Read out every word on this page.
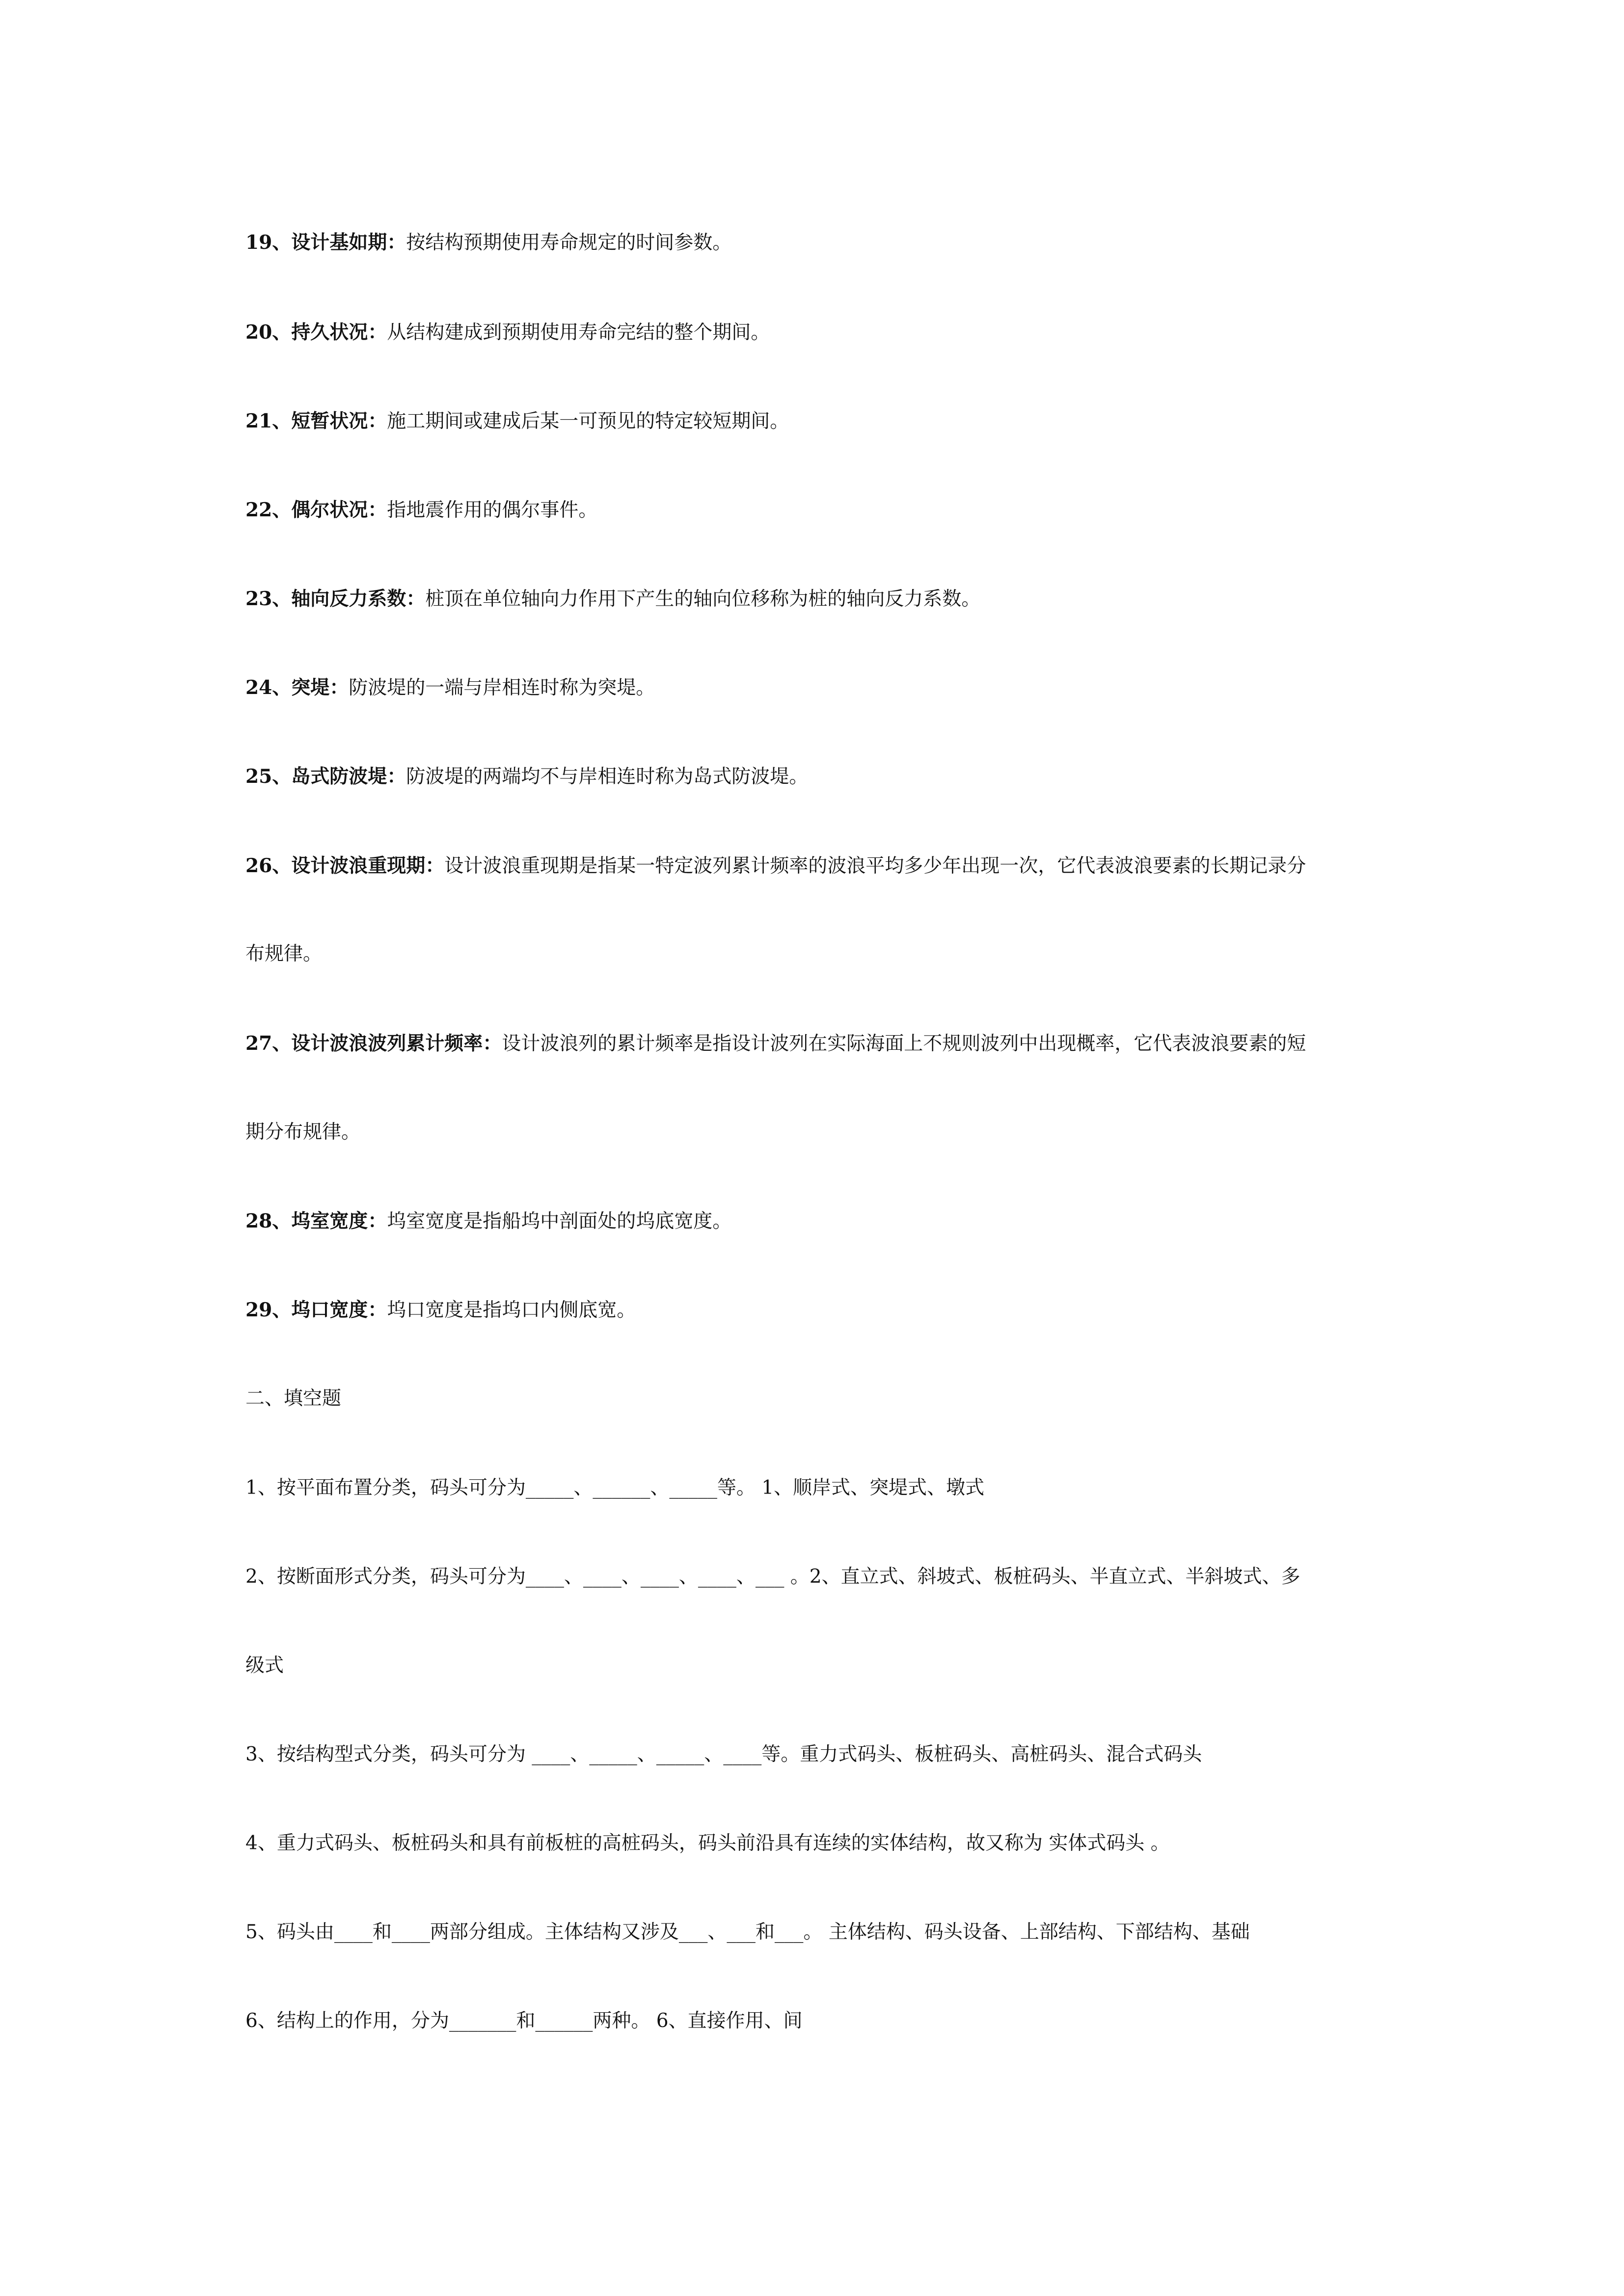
19、设计基如期：按结构预期使用寿命规定的时间参数。
20、持久状况：从结构建成到预期使用寿命完结的整个期间。
21、短暂状况：施工期间或建成后某一可预见的特定较短期间。
22、偶尔状况：指地震作用的偶尔事件。
23、轴向反力系数：桩顶在单位轴向力作用下产生的轴向位移称为桩的轴向反力系数。
24、突堤：防波堤的一端与岸相连时称为突堤。
25、岛式防波堤：防波堤的两端均不与岸相连时称为岛式防波堤。
26、设计波浪重现期：设计波浪重现期是指某一特定波列累计频率的波浪平均多少年出现一次，它代表波浪要素的长期记录分
布规律。
27、设计波浪波列累计频率：设计波浪列的累计频率是指设计波列在实际海面上不规则波列中出现概率，它代表波浪要素的短
期分布规律。
28、坞室宽度：坞室宽度是指船坞中剖面处的坞底宽度。
29、坞口宽度：坞口宽度是指坞口内侧底宽。
二、填空题
1、按平面布置分类，码头可分为_____、______、_____等。 1、顺岸式、突堤式、墩式
2、按断面形式分类，码头可分为____、____、____、____、___ 。2、直立式、斜坡式、板桩码头、半直立式、半斜坡式、多
级式
3、按结构型式分类，码头可分为 ____、_____、_____、____等。重力式码头、板桩码头、高桩码头、混合式码头
4、重力式码头、板桩码头和具有前板桩的高桩码头，码头前沿具有连续的实体结构，故又称为 实体式码头 。
5、码头由____和____两部分组成。主体结构又涉及___、___和___。 主体结构、码头设备、上部结构、下部结构、基础
6、结构上的作用，分为_______和______两种。 6、直接作用、间
